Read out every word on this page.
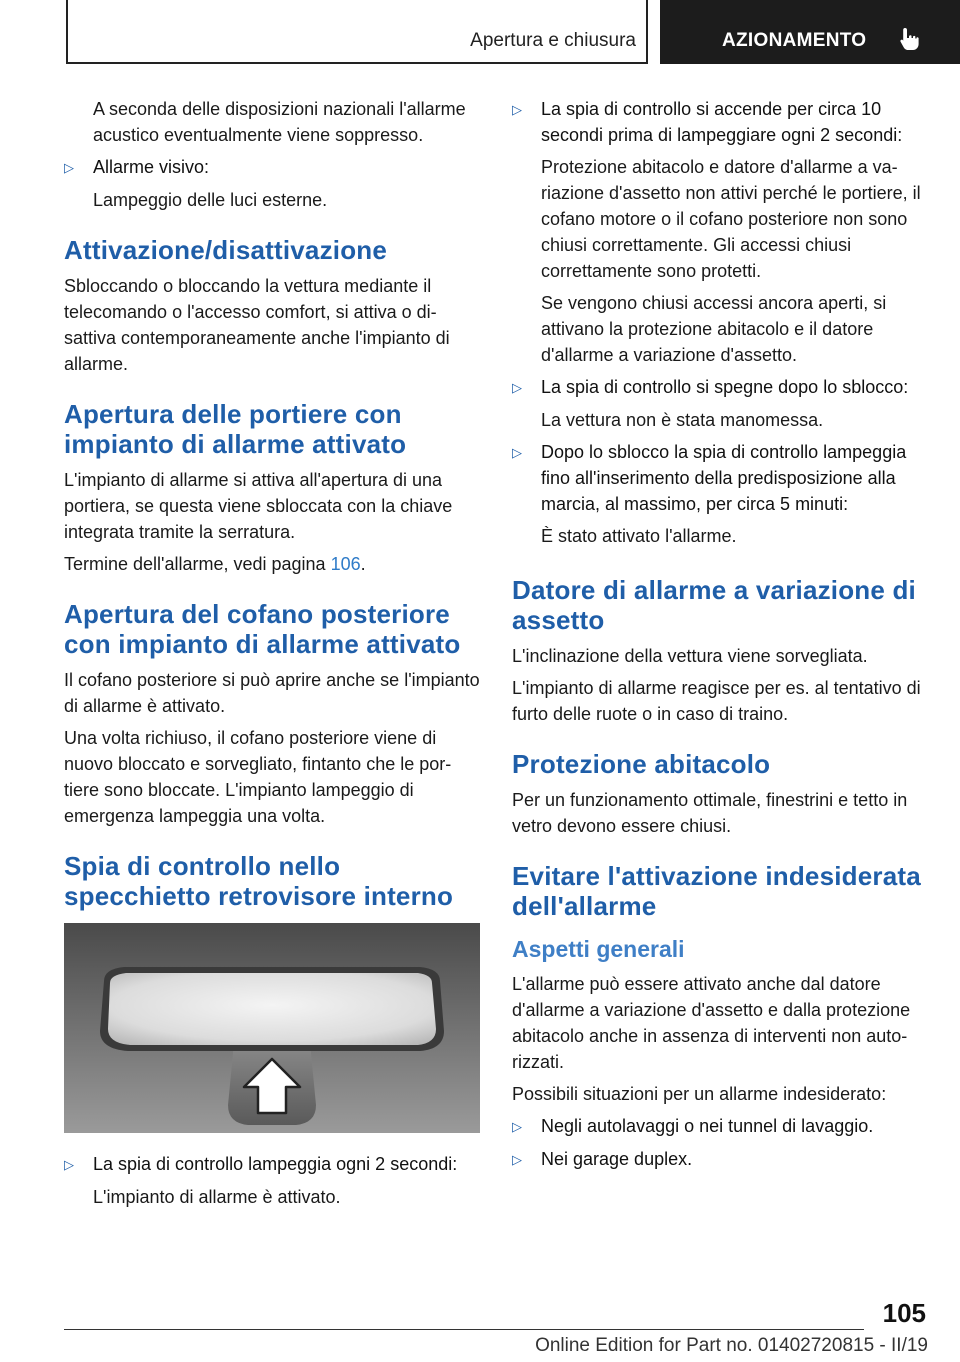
Apertura e chiusura	AZIONAMENTO

A seconda delle disposizioni nazionali l'allarme acustico eventualmente viene soppresso.

▷	Allarme visivo:

Lampeggio delle luci esterne.

Attivazione/disattivazione

Sbloccando o bloccando la vettura mediante il telecomando o l'accesso comfort, si attiva o disattiva contemporaneamente anche l'impianto di allarme.

Apertura delle portiere con impianto di allarme attivato

L'impianto di allarme si attiva all'apertura di una portiera, se questa viene sbloccata con la chiave integrata tramite la serratura.

Termine dell'allarme, vedi pagina 106.

Apertura del cofano posteriore con impianto di allarme attivato

Il cofano posteriore si può aprire anche se l'impianto di allarme è attivato.

Una volta richiuso, il cofano posteriore viene di nuovo bloccato e sorvegliato, fintanto che le portiere sono bloccate. L'impianto lampeggio di emergenza lampeggia una volta.

Spia di controllo nello specchietto retrovisore interno
▷	La spia di controllo lampeggia ogni 2 secondi:

L'impianto di allarme è attivato.

▷	La spia di controllo si accende per circa 10 secondi prima di lampeggiare ogni 2 secondi:

Protezione abitacolo e datore d'allarme a variazione d'assetto non attivi perché le portiere, il cofano motore o il cofano posteriore non sono chiusi correttamente. Gli accessi chiusi correttamente sono protetti.

Se vengono chiusi accessi ancora aperti, si attivano la protezione abitacolo e il datore d'allarme a variazione d'assetto.

▷	La spia di controllo si spegne dopo lo sblocco:

La vettura non è stata manomessa.

▷	Dopo lo sblocco la spia di controllo lampeggia fino all'inserimento della predisposizione alla marcia, al massimo, per circa 5 minuti:

È stato attivato l'allarme.

Datore di allarme a variazione di assetto

L'inclinazione della vettura viene sorvegliata.

L'impianto di allarme reagisce per es. al tentativo di furto delle ruote o in caso di traino.

Protezione abitacolo

Per un funzionamento ottimale, finestrini e tetto in vetro devono essere chiusi.

Evitare l'attivazione indesiderata dell'allarme
Aspetti generali

L'allarme può essere attivato anche dal datore d'allarme a variazione d'assetto e dalla protezione abitacolo anche in assenza di interventi non autorizzati.

Possibili situazioni per un allarme indesiderato:

▷	Negli autolavaggi o nei tunnel di lavaggio.
▷	Nei garage duplex.
105
Online Edition for Part no. 01402720815 - II/19
